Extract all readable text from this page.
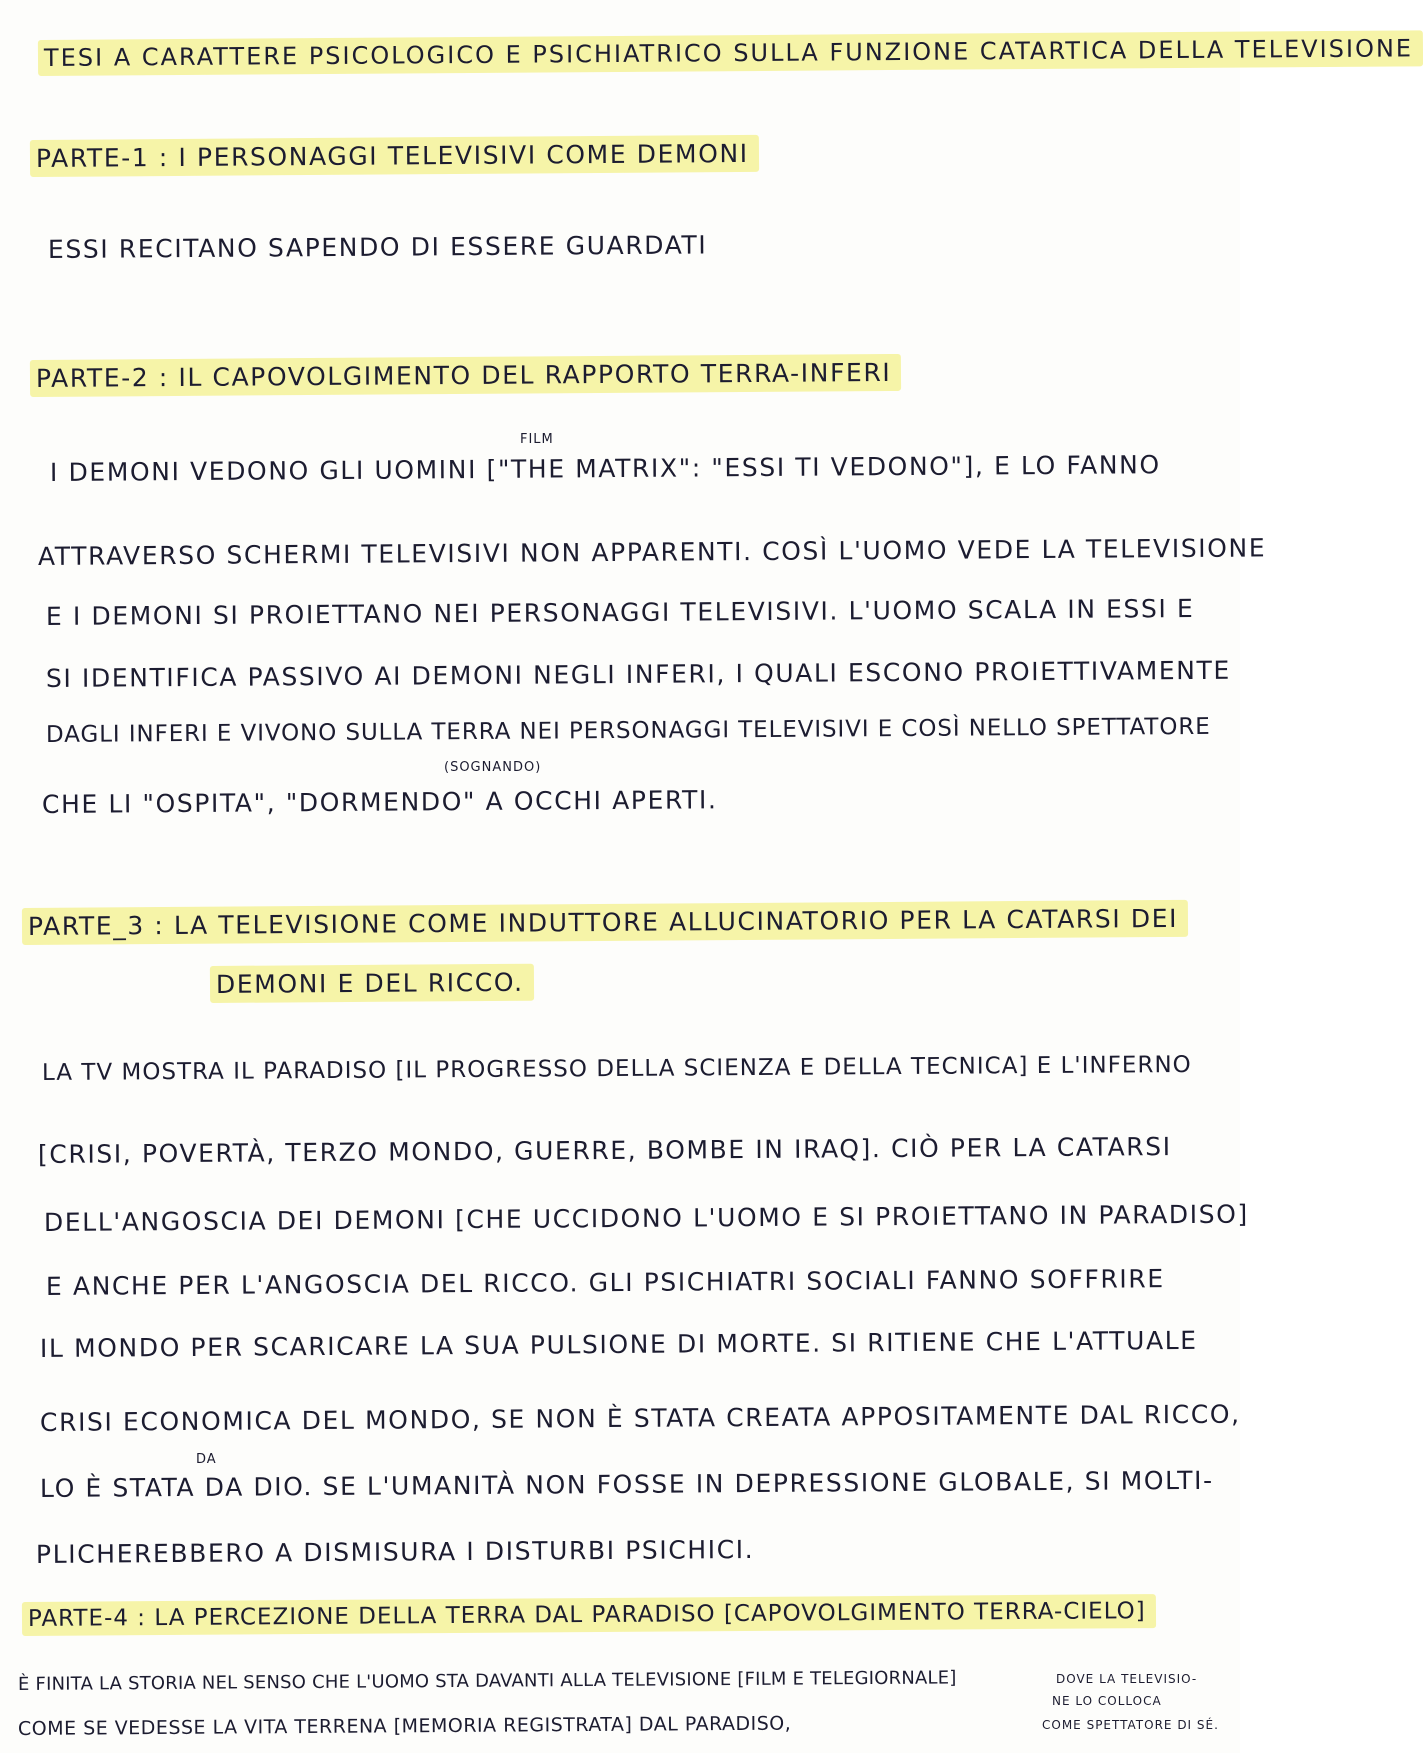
TESI A CARATTERE PSICOLOGICO E PSICHIATRICO SULLA FUNZIONE CATARTICA DELLA TELEVISIONE
PARTE-1 : I PERSONAGGI TELEVISIVI COME DEMONI
ESSI RECITANO SAPENDO DI ESSERE GUARDATI
PARTE-2 : IL CAPOVOLGIMENTO DEL RAPPORTO TERRA-INFERI
FILM
I DEMONI VEDONO GLI UOMINI ["THE MATRIX": "ESSI TI VEDONO"], E LO FANNO
ATTRAVERSO SCHERMI TELEVISIVI NON APPARENTI. COSÌ L'UOMO VEDE LA TELEVISIONE
E I DEMONI SI PROIETTANO NEI PERSONAGGI TELEVISIVI. L'UOMO SCALA IN ESSI E
SI IDENTIFICA PASSIVO AI DEMONI NEGLI INFERI, I QUALI ESCONO PROIETTIVAMENTE
DAGLI INFERI E VIVONO SULLA TERRA NEI PERSONAGGI TELEVISIVI E COSÌ NELLO SPETTATORE
(SOGNANDO)
CHE LI "OSPITA", "DORMENDO" A OCCHI APERTI.
PARTE_3 : LA TELEVISIONE COME INDUTTORE ALLUCINATORIO PER LA CATARSI DEI
DEMONI E DEL RICCO.
LA TV MOSTRA IL PARADISO [IL PROGRESSO DELLA SCIENZA E DELLA TECNICA] E L'INFERNO
[CRISI, POVERTÀ, TERZO MONDO, GUERRE, BOMBE IN IRAQ]. CIÒ PER LA CATARSI
DELL'ANGOSCIA DEI DEMONI [CHE UCCIDONO L'UOMO E SI PROIETTANO IN PARADISO]
E ANCHE PER L'ANGOSCIA DEL RICCO. GLI PSICHIATRI SOCIALI FANNO SOFFRIRE
IL MONDO PER SCARICARE LA SUA PULSIONE DI MORTE. SI RITIENE CHE L'ATTUALE
CRISI ECONOMICA DEL MONDO, SE NON È STATA CREATA APPOSITAMENTE DAL RICCO,
DA
LO È STATA DA DIO. SE L'UMANITÀ NON FOSSE IN DEPRESSIONE GLOBALE, SI MOLTI-
PLICHEREBBERO A DISMISURA I DISTURBI PSICHICI.
PARTE-4 : LA PERCEZIONE DELLA TERRA DAL PARADISO [CAPOVOLGIMENTO TERRA-CIELO]
È FINITA LA STORIA NEL SENSO CHE L'UOMO STA DAVANTI ALLA TELEVISIONE [FILM E TELEGIORNALE]
COME SE VEDESSE LA VITA TERRENA [MEMORIA REGISTRATA] DAL PARADISO,
DOVE LA TELEVISIO-
NE LO COLLOCA
COME SPETTATORE DI SÉ.
